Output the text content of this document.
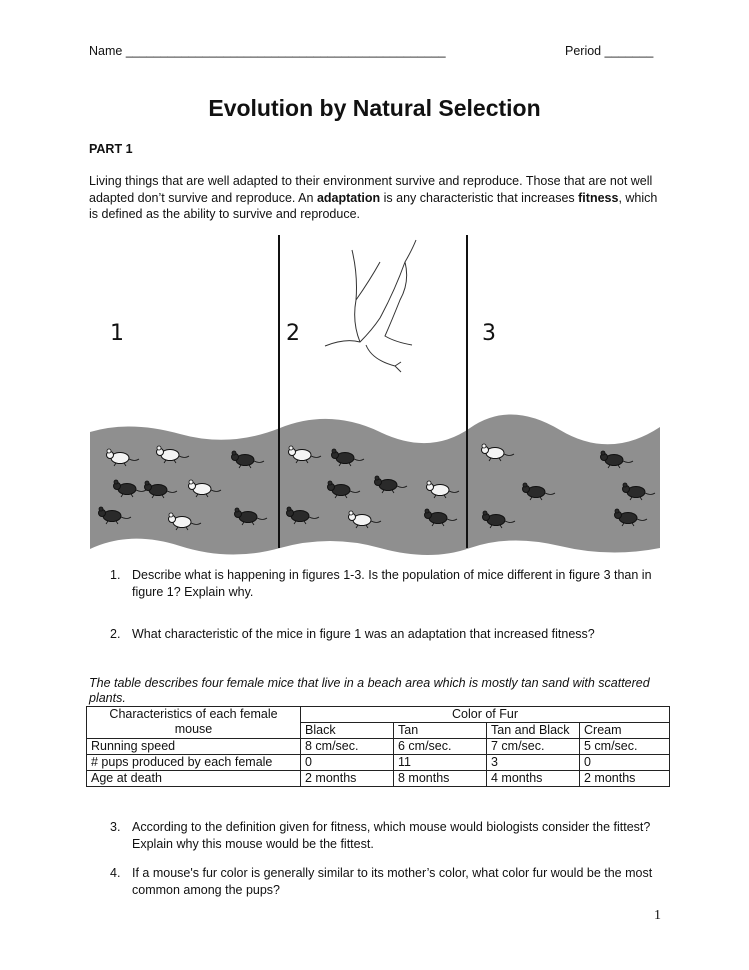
Name ______________________________________________	Period _______
Evolution by Natural Selection
PART 1
Living things that are well adapted to their environment survive and reproduce. Those that are not well adapted don’t survive and reproduce. An adaptation is any characteristic that increases fitness, which is defined as the ability to survive and reproduce.
1	2	3
1. Describe what is happening in figures 1-3. Is the population of mice different in figure 3 than in figure 1? Explain why.
2. What characteristic of the mice in figure 1 was an adaptation that increased fitness?
The table describes four female mice that live in a beach area which is mostly tan sand with scattered plants.
Characteristics of each female mouse	Color of Fur			
	Black	Tan	Tan and Black	Cream
Running speed	8 cm/sec.	6 cm/sec.	7 cm/sec.	5 cm/sec.
# pups produced by each female	0	11	3	0
Age at death	2 months	8 months	4 months	2 months
3. According to the definition given for fitness, which mouse would biologists consider the fittest? Explain why this mouse would be the fittest.
4. If a mouse's fur color is generally similar to its mother’s color, what color fur would be the most common among the pups?
1
